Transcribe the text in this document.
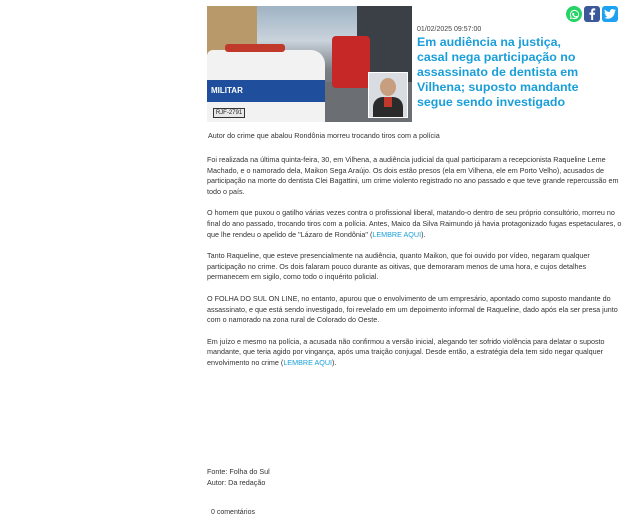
MILITAR
RJF-2791
01/02/2025 09:57:00
Em audiência na justiça, casal nega participação no assassinato de dentista em Vilhena; suposto mandante segue sendo investigado
Autor do crime que abalou Rondônia morreu trocando tiros com a polícia

Foi realizada na última quinta-feira, 30, em Vilhena, a audiência judicial da qual participaram a recepcionista Raqueline Leme Machado, e o namorado dela, Maikon Sega Araújo. Os dois estão presos (ela em Vilhena, ele em Porto Velho), acusados de participação na morte do dentista Clei Bagattini, um crime violento registrado no ano passado e que teve grande repercussão em todo o país.

O homem que puxou o gatilho várias vezes contra o profissional liberal, matando-o dentro de seu próprio consultório, morreu no final do ano passado, trocando tiros com a polícia. Antes, Maico da Silva Raimundo já havia protagonizado fugas espetaculares, o que lhe rendeu o apelido de "Lázaro de Rondônia" (LEMBRE AQUI).

Tanto Raqueline, que esteve presencialmente na audiência, quanto Maikon, que foi ouvido por vídeo, negaram qualquer participação no crime. Os dois falaram pouco durante as oitivas, que demoraram menos de uma hora, e cujos detalhes permanecem em sigilo, como todo o inquérito policial.

O FOLHA DO SUL ON LINE, no entanto, apurou que o envolvimento de um empresário, apontado como suposto mandante do assassinato, e que está sendo investigado, foi revelado em um depoimento informal de Raqueline, dado após ela ser presa junto com o namorado na zona rural de Colorado do Oeste.

Em juízo e mesmo na polícia, a acusada não confirmou a versão inicial, alegando ter sofrido violência para delatar o suposto mandante, que teria agido por vingança, após uma traição conjugal. Desde então, a estratégia dela tem sido negar qualquer envolvimento no crime (LEMBRE AQUI).

Fonte: Folha do Sul
Autor: Da redação
0 comentários
